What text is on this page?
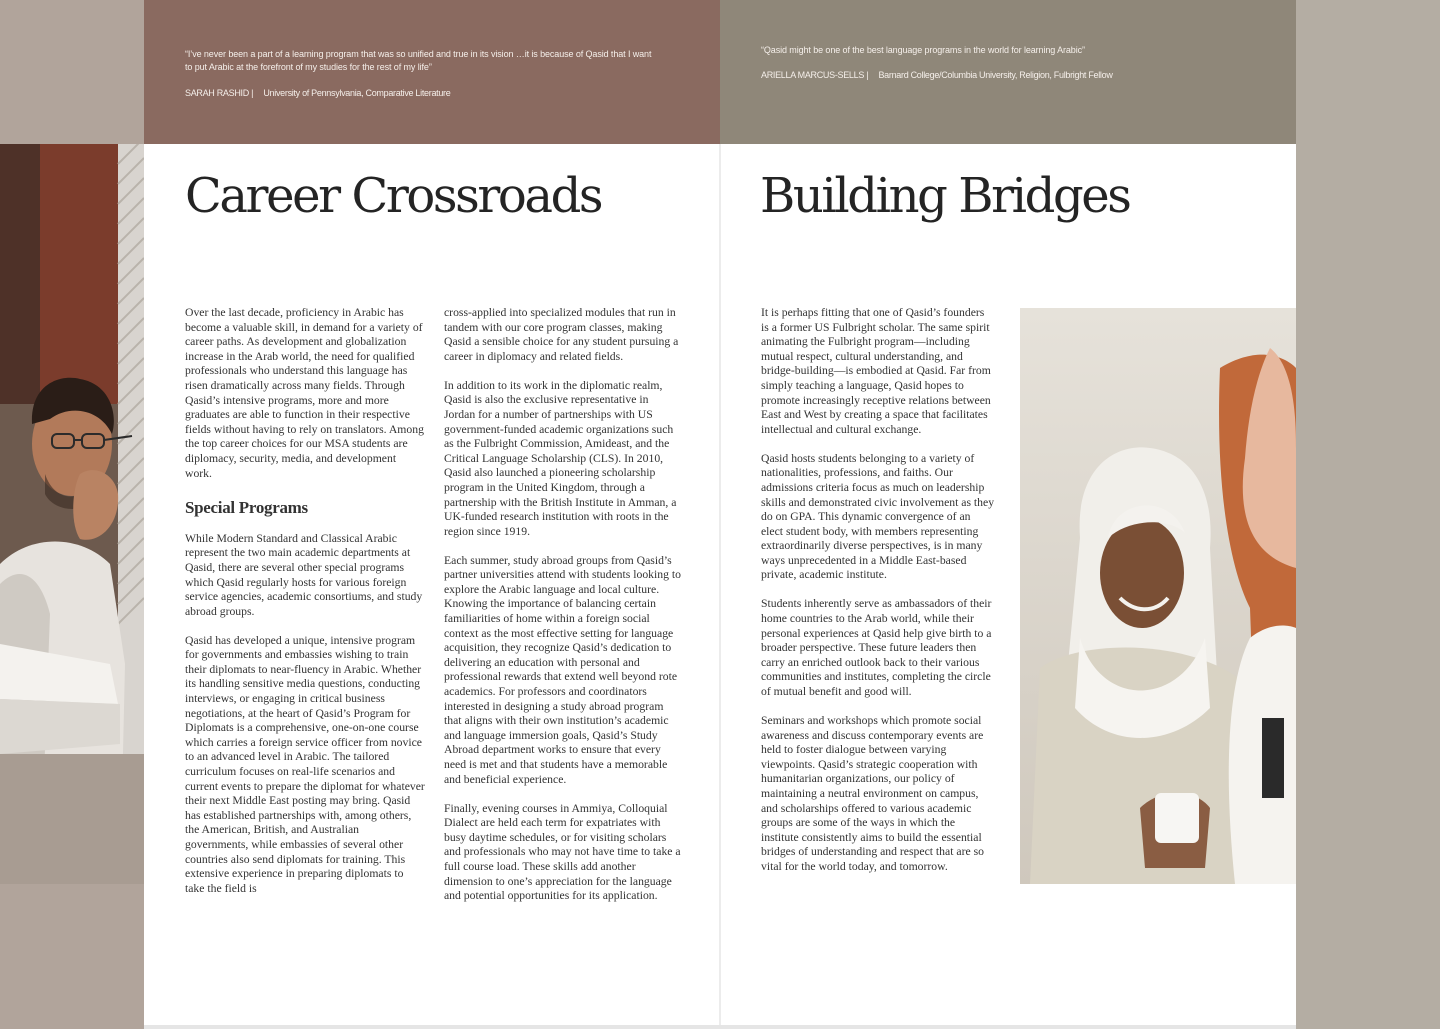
“I’ve never been a part of a learning program that was so unified and true in its vision …it is because of Qasid that I want to put Arabic at the forefront of my studies for the rest of my life”
SARAH RASHID | University of Pennsylvania, Comparative Literature
“Qasid might be one of the best language programs in the world for learning Arabic”
ARIELLA MARCUS-SELLS | Barnard College/Columbia University, Religion, Fulbright Fellow
Career Crossroads	Building Bridges

Over the last decade, proficiency in Arabic has become a valuable skill, in demand for a variety of career paths. As development and globalization increase in the Arab world, the need for qualified professionals who understand this language has risen dramatically across many fields. Through Qasid’s intensive programs, more and more graduates are able to function in their respective fields without having to rely on translators. Among the top career choices for our MSA students are diplomacy, security, media, and development work.

Special Programs

While Modern Standard and Classical Arabic represent the two main academic departments at Qasid, there are several other special programs which Qasid regularly hosts for various foreign service agencies, academic consortiums, and study abroad groups.

Qasid has developed a unique, intensive program for governments and embassies wishing to train their diplomats to near-fluency in Arabic. Whether its handling sensitive media questions, conducting interviews, or engaging in critical business negotiations, at the heart of Qasid’s Program for Diplomats is a comprehensive, one-on-one course which carries a foreign service officer from novice to an advanced level in Arabic. The tailored curriculum focuses on real-life scenarios and current events to prepare the diplomat for whatever their next Middle East posting may bring. Qasid has established partnerships with, among others, the American, British, and Australian governments, while embassies of several other countries also send diplomats for training. This extensive experience in preparing diplomats to take the field is

cross-applied into specialized modules that run in tandem with our core program classes, making Qasid a sensible choice for any student pursuing a career in diplomacy and related fields.

In addition to its work in the diplomatic realm, Qasid is also the exclusive representative in Jordan for a number of partnerships with US government-funded academic organizations such as the Fulbright Commission, Amideast, and the Critical Language Scholarship (CLS). In 2010, Qasid also launched a pioneering scholarship program in the United Kingdom, through a partnership with the British Institute in Amman, a UK-funded research institution with roots in the region since 1919.

Each summer, study abroad groups from Qasid’s partner universities attend with students looking to explore the Arabic language and local culture. Knowing the importance of balancing certain familiarities of home within a foreign social context as the most effective setting for language acquisition, they recognize Qasid’s dedication to delivering an education with personal and professional rewards that extend well beyond rote academics. For professors and coordinators interested in designing a study abroad program that aligns with their own institution’s academic and language immersion goals, Qasid’s Study Abroad department works to ensure that every need is met and that students have a memorable and beneficial experience.

Finally, evening courses in Ammiya, Colloquial Dialect are held each term for expatriates with busy daytime schedules, or for visiting scholars and professionals who may not have time to take a full course load. These skills add another dimension to one’s appreciation for the language and potential opportunities for its application.

It is perhaps fitting that one of Qasid’s founders is a former US Fulbright scholar. The same spirit animating the Fulbright program—including mutual respect, cultural understanding, and bridge-building—is embodied at Qasid. Far from simply teaching a language, Qasid hopes to promote increasingly receptive relations between East and West by creating a space that facilitates intellectual and cultural exchange.

Qasid hosts students belonging to a variety of nationalities, professions, and faiths. Our admissions criteria focus as much on leadership skills and demonstrated civic involvement as they do on GPA. This dynamic convergence of an elect student body, with members representing extraordinarily diverse perspectives, is in many ways unprecedented in a Middle East-based private, academic institute.

Students inherently serve as ambassadors of their home countries to the Arab world, while their personal experiences at Qasid help give birth to a broader perspective. These future leaders then carry an enriched outlook back to their various communities and institutes, completing the circle of mutual benefit and good will.

Seminars and workshops which promote social awareness and discuss contemporary events are held to foster dialogue between varying viewpoints. Qasid’s strategic cooperation with humanitarian organizations, our policy of maintaining a neutral environment on campus, and scholarships offered to various academic groups are some of the ways in which the institute consistently aims to build the essential bridges of understanding and respect that are so vital for the world today, and tomorrow.
